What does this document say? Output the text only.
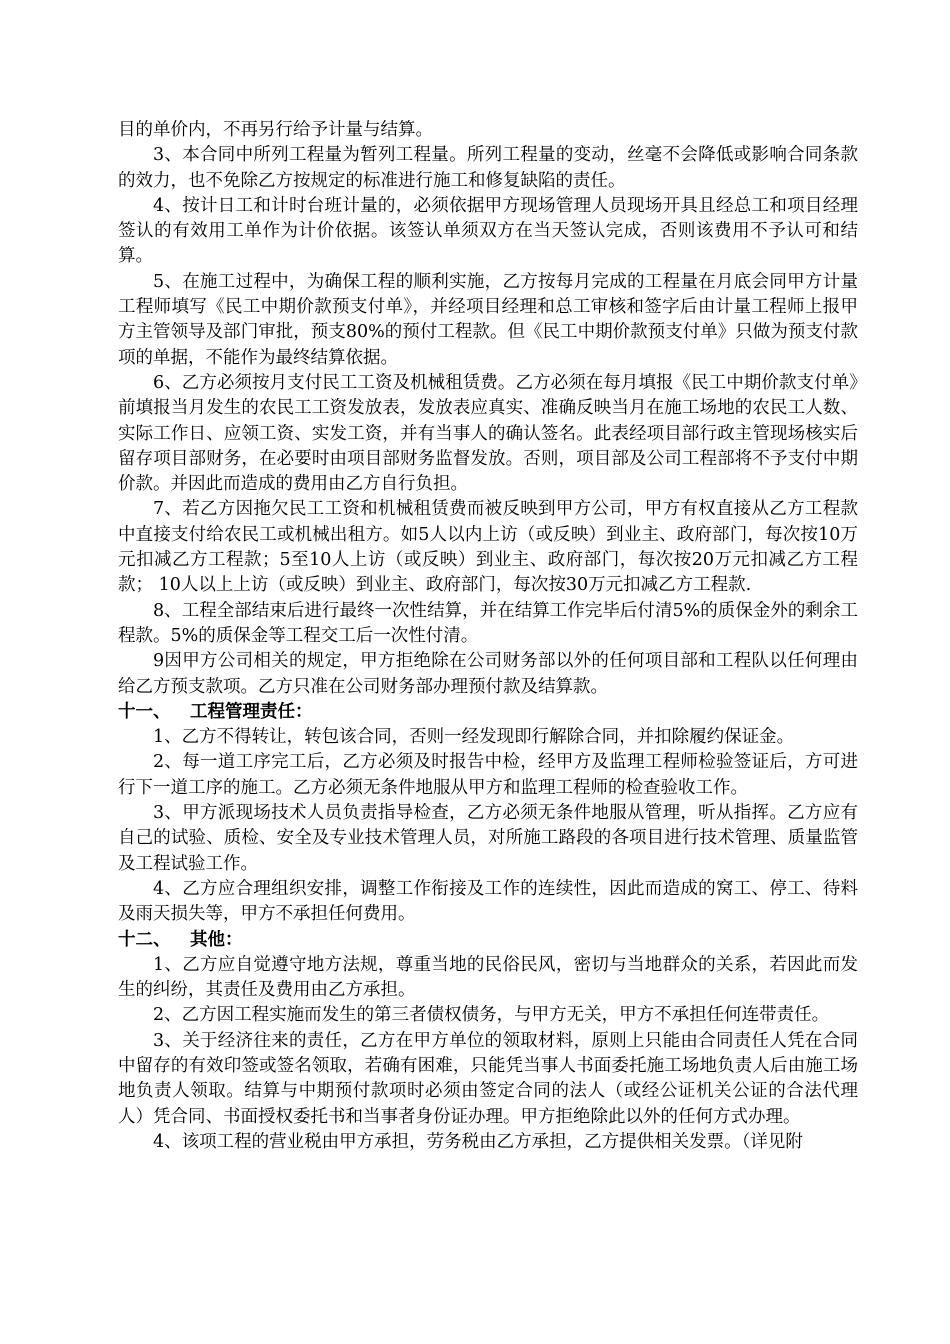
目的单价内，不再另行给予计量与结算。

3、本合同中所列工程量为暂列工程量。所列工程量的变动，丝毫不会降低或影响合同条款的效力，也不免除乙方按规定的标准进行施工和修复缺陷的责任。

4、按计日工和计时台班计量的，必须依据甲方现场管理人员现场开具且经总工和项目经理签认的有效用工单作为计价依据。该签认单须双方在当天签认完成，否则该费用不予认可和结算。

5、在施工过程中，为确保工程的顺利实施，乙方按每月完成的工程量在月底会同甲方计量工程师填写《民工中期价款预支付单》，并经项目经理和总工审核和签字后由计量工程师上报甲方主管领导及部门审批，预支80%的预付工程款。但《民工中期价款预支付单》只做为预支付款项的单据，不能作为最终结算依据。

6、乙方必须按月支付民工工资及机械租赁费。乙方必须在每月填报《民工中期价款支付单》前填报当月发生的农民工工资发放表，发放表应真实、准确反映当月在施工场地的农民工人数、实际工作日、应领工资、实发工资，并有当事人的确认签名。此表经项目部行政主管现场核实后留存项目部财务，在必要时由项目部财务监督发放。否则，项目部及公司工程部将不予支付中期价款。并因此而造成的费用由乙方自行负担。

7、若乙方因拖欠民工工资和机械租赁费而被反映到甲方公司，甲方有权直接从乙方工程款中直接支付给农民工或机械出租方。如5人以内上访（或反映）到业主、政府部门，每次按10万元扣减乙方工程款；5至10人上访（或反映）到业主、政府部门，每次按20万元扣减乙方工程款； 10人以上上访（或反映）到业主、政府部门，每次按30万元扣减乙方工程款.

8、工程全部结束后进行最终一次性结算，并在结算工作完毕后付清5%的质保金外的剩余工程款。5%的质保金等工程交工后一次性付清。

9因甲方公司相关的规定，甲方拒绝除在公司财务部以外的任何项目部和工程队以任何理由给乙方预支款项。乙方只准在公司财务部办理预付款及结算款。

十一、 工程管理责任：

1、乙方不得转让，转包该合同，否则一经发现即行解除合同，并扣除履约保证金。

2、每一道工序完工后，乙方必须及时报告中检，经甲方及监理工程师检验签证后，方可进行下一道工序的施工。乙方必须无条件地服从甲方和监理工程师的检查验收工作。

3、甲方派现场技术人员负责指导检查，乙方必须无条件地服从管理，听从指挥。乙方应有自己的试验、质检、安全及专业技术管理人员，对所施工路段的各项目进行技术管理、质量监管及工程试验工作。

4、乙方应合理组织安排，调整工作衔接及工作的连续性，因此而造成的窝工、停工、待料及雨天损失等，甲方不承担任何费用。

十二、 其他：

1、乙方应自觉遵守地方法规，尊重当地的民俗民风，密切与当地群众的关系，若因此而发生的纠纷，其责任及费用由乙方承担。

2、乙方因工程实施而发生的第三者债权债务，与甲方无关，甲方不承担任何连带责任。

3、关于经济往来的责任，乙方在甲方单位的领取材料，原则上只能由合同责任人凭在合同中留存的有效印签或签名领取，若确有困难，只能凭当事人书面委托施工场地负责人后由施工场地负责人领取。结算与中期预付款项时必须由签定合同的法人（或经公证机关公证的合法代理人）凭合同、书面授权委托书和当事者身份证办理。甲方拒绝除此以外的任何方式办理。

4、该项工程的营业税由甲方承担，劳务税由乙方承担，乙方提供相关发票。（详见附
